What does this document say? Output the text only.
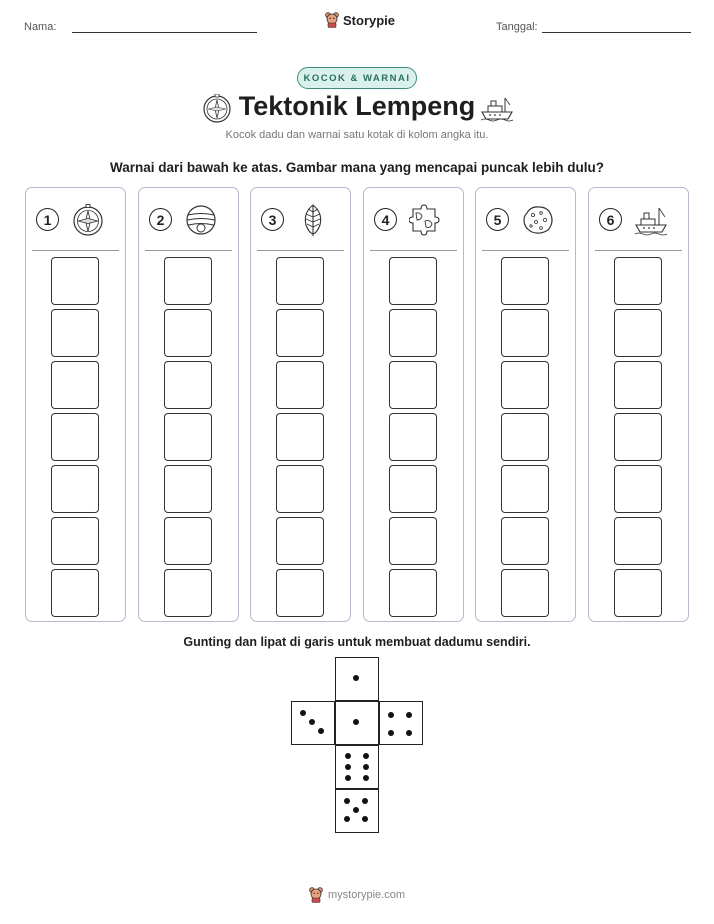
Nama:	Storypie	Tanggal:
KOCOK & WARNAI
Tektonik Lempeng
Kocok dadu dan warnai satu kotak di kolom angka itu.
Warnai dari bawah ke atas. Gambar mana yang mencapai puncak lebih dulu?
1	2	3	4	5	6
Gunting dan lipat di garis untuk membuat dadumu sendiri.
mystorypie.com
